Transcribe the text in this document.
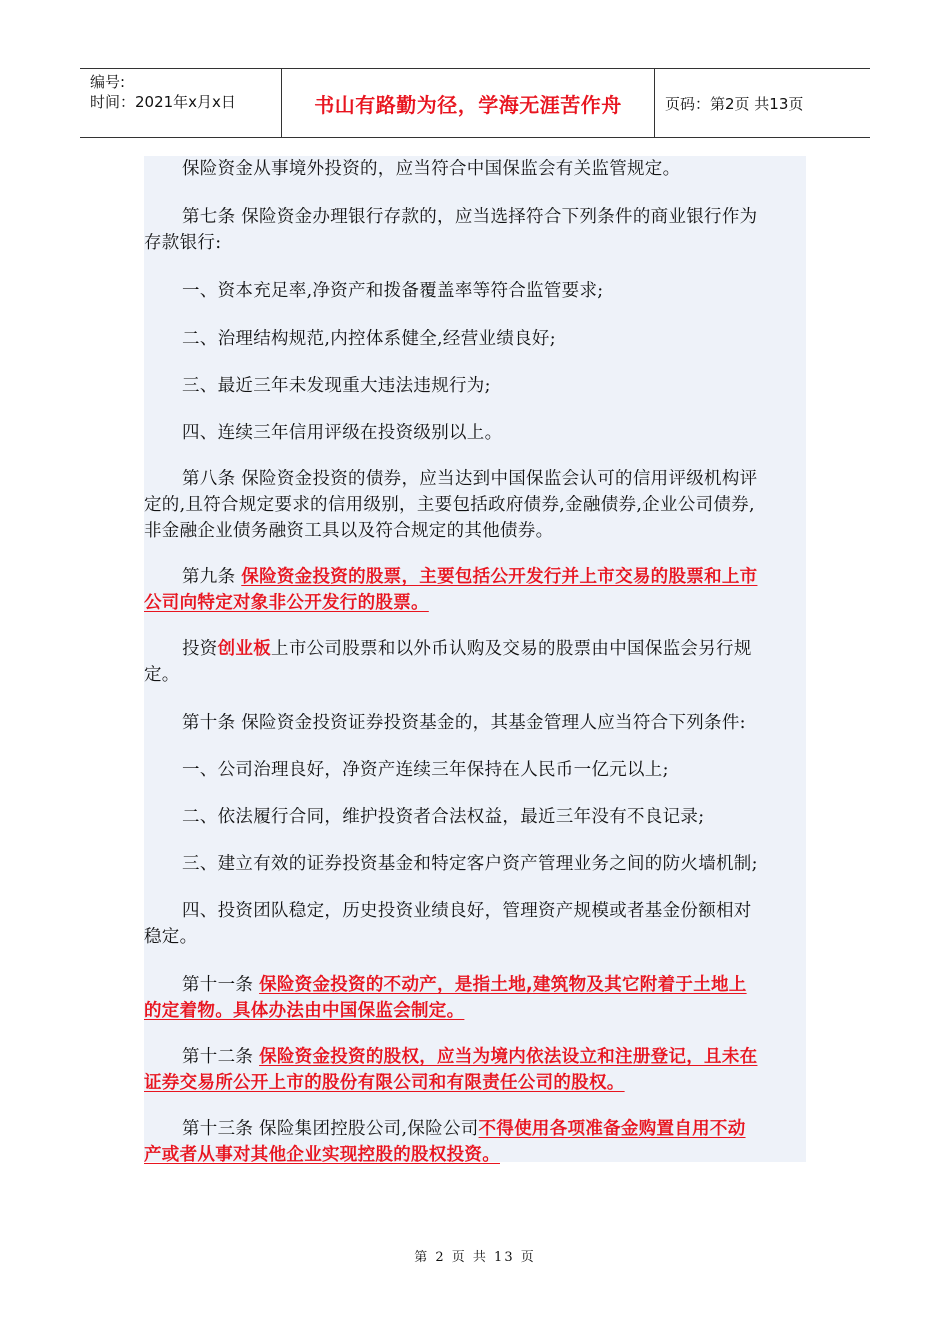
编号:
时间：2021年x月x日	书山有路勤为径，学海无涯苦作舟	页码：第2页 共13页

保险资金从事境外投资的，应当符合中国保监会有关监管规定。

第七条 保险资金办理银行存款的，应当选择符合下列条件的商业银行作为
存款银行:

一、资本充足率,净资产和拨备覆盖率等符合监管要求;

二、治理结构规范,内控体系健全,经营业绩良好;

三、最近三年未发现重大违法违规行为;

四、连续三年信用评级在投资级别以上。

第八条 保险资金投资的债券，应当达到中国保监会认可的信用评级机构评
定的,且符合规定要求的信用级别，主要包括政府债券,金融债券,企业公司债券,
非金融企业债务融资工具以及符合规定的其他债券。

第九条 保险资金投资的股票，主要包括公开发行并上市交易的股票和上市
公司向特定对象非公开发行的股票。

投资创业板上市公司股票和以外币认购及交易的股票由中国保监会另行规
定。

第十条 保险资金投资证券投资基金的，其基金管理人应当符合下列条件:

一、公司治理良好，净资产连续三年保持在人民币一亿元以上;

二、依法履行合同，维护投资者合法权益，最近三年没有不良记录;

三、建立有效的证券投资基金和特定客户资产管理业务之间的防火墙机制;

四、投资团队稳定，历史投资业绩良好，管理资产规模或者基金份额相对
稳定。

第十一条 保险资金投资的不动产，是指土地,建筑物及其它附着于土地上
的定着物。具体办法由中国保监会制定。

第十二条 保险资金投资的股权，应当为境内依法设立和注册登记，且未在
证券交易所公开上市的股份有限公司和有限责任公司的股权。

第十三条 保险集团控股公司,保险公司不得使用各项准备金购置自用不动
产或者从事对其他企业实现控股的股权投资。

第 2 页 共 13 页
